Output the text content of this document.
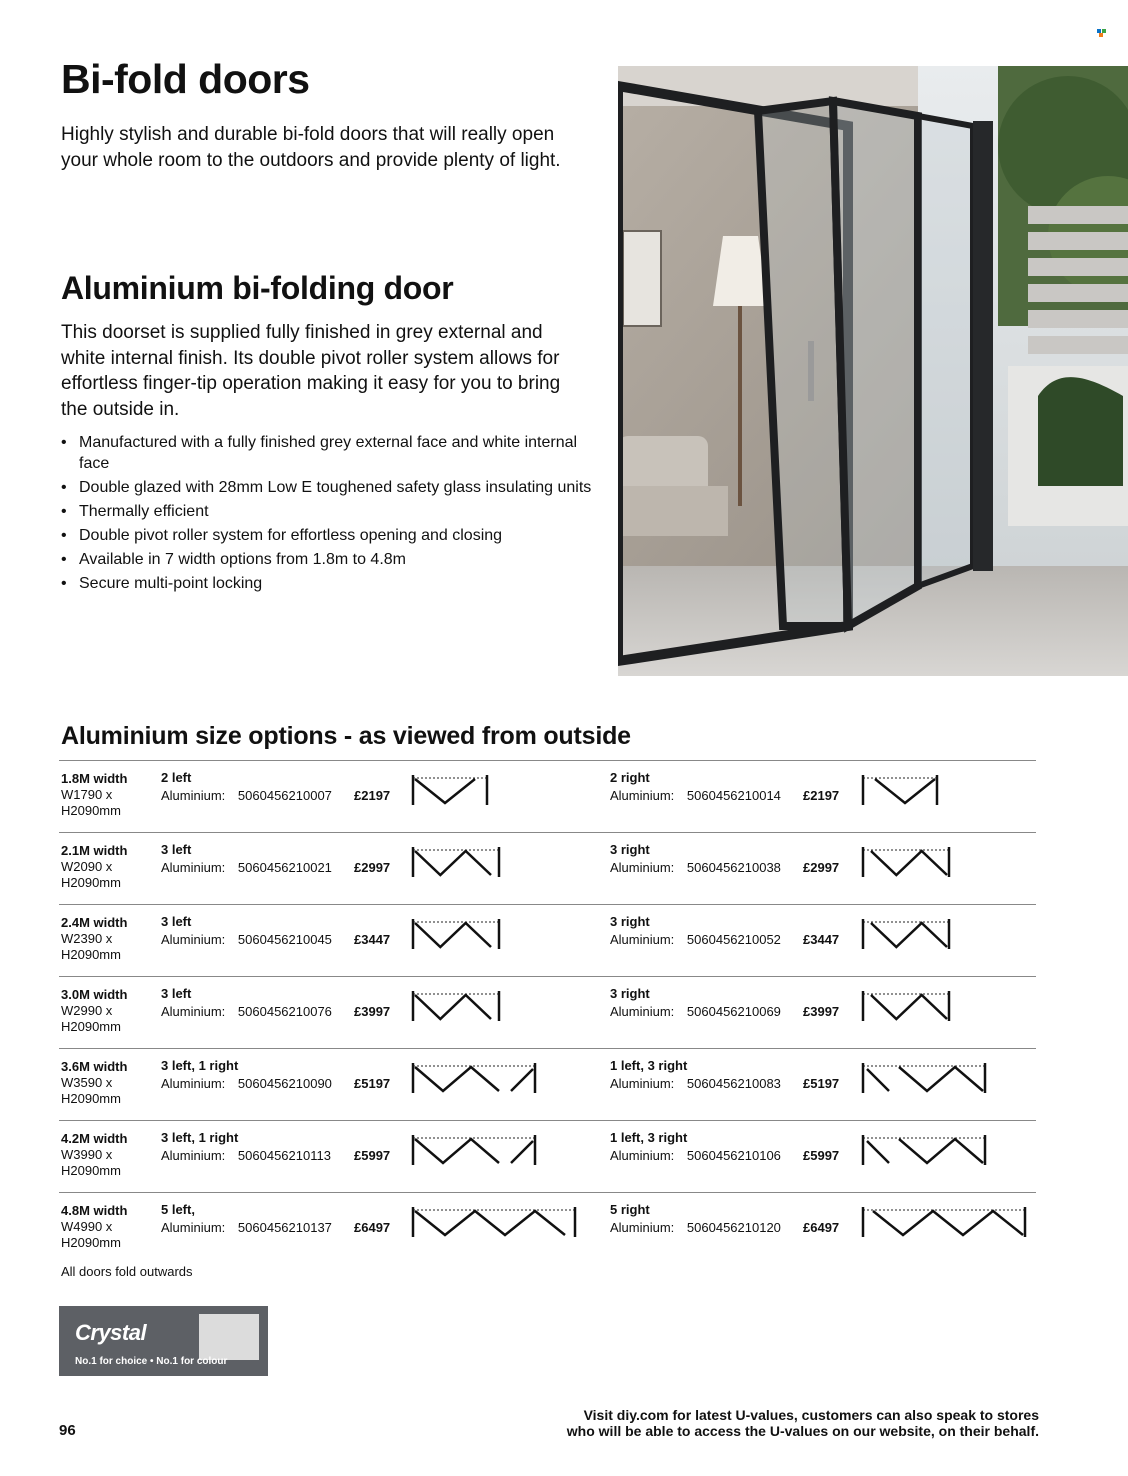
Bi-fold doors

Highly stylish and durable bi-fold doors that will really open your whole room to the outdoors and provide plenty of light.

Aluminium bi-folding door

This doorset is supplied fully finished in grey external and white internal finish. Its double pivot roller system allows for effortless finger-tip operation making it easy for you to bring the outside in.

• Manufactured with a fully finished grey external face and white internal face
• Double glazed with 28mm Low E toughened safety glass insulating units
• Thermally efficient
• Double pivot roller system for effortless opening and closing
• Available in 7 width options from 1.8m to 4.8m
• Secure multi-point locking
Aluminium size options - as viewed from outside
1.8M width
W1790 x
H2090mm
2 left
Aluminium: 5060456210007	£2197
2 right
Aluminium: 5060456210014	£2197
2.1M width
W2090 x
H2090mm
3 left
Aluminium: 5060456210021	£2997
3 right
Aluminium: 5060456210038	£2997
2.4M width
W2390 x
H2090mm
3 left
Aluminium: 5060456210045	£3447
3 right
Aluminium: 5060456210052	£3447
3.0M width
W2990 x
H2090mm
3 left
Aluminium: 5060456210076	£3997
3 right
Aluminium: 5060456210069	£3997
3.6M width
W3590 x
H2090mm
3 left, 1 right
Aluminium: 5060456210090	£5197
1 left, 3 right
Aluminium: 5060456210083	£5197
4.2M width
W3990 x
H2090mm
3 left, 1 right
Aluminium: 5060456210113	£5997
1 left, 3 right
Aluminium: 5060456210106	£5997
4.8M width
W4990 x
H2090mm
5 left,
Aluminium: 5060456210137	£6497
5 right
Aluminium: 5060456210120	£6497
All doors fold outwards
Crystal
No.1 for choice • No.1 for colour
96
Visit diy.com for latest U-values, customers can also speak to stores
who will be able to access the U-values on our website, on their behalf.
